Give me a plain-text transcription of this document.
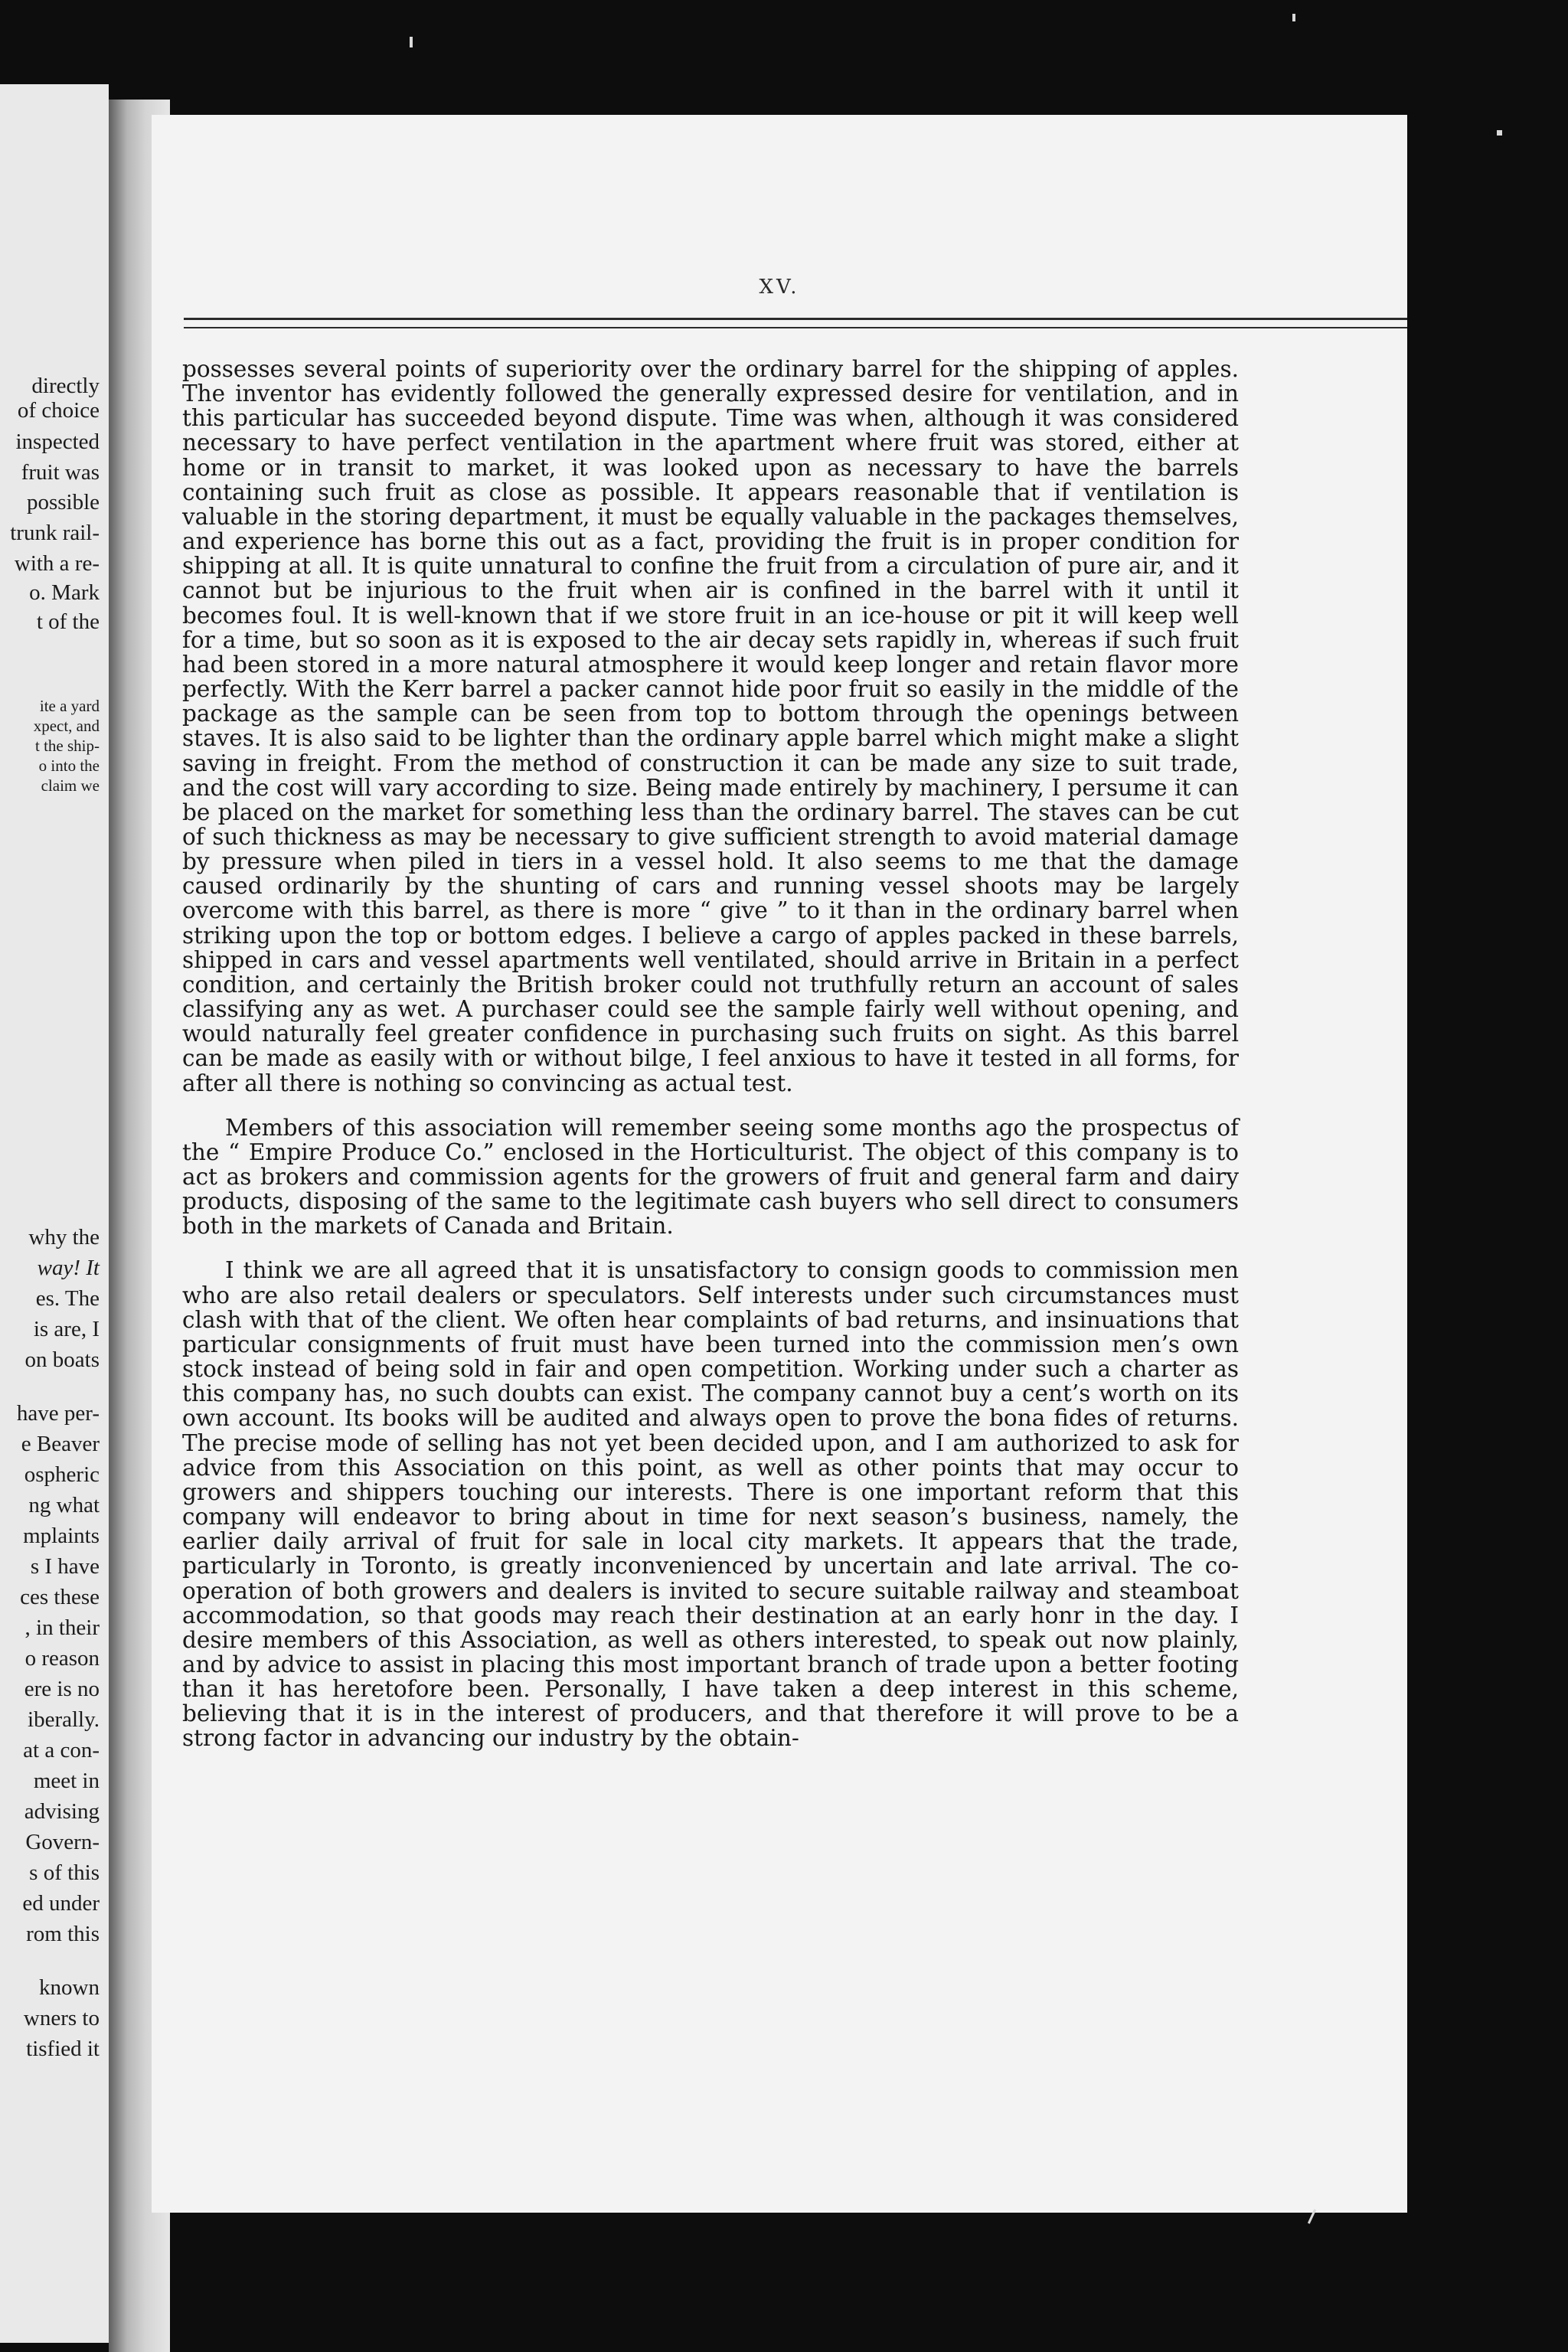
directly
of choice
inspected
fruit was
possible
trunk rail-
with a re-
o. Mark
t of the
ite a yard
xpect, and
t the ship-
o into the
claim we
why the
way! It
es. The
is are, I
on boats
have per-
e Beaver
ospheric
ng what
mplaints
s I have
ces these
, in their
o reason
ere is no
iberally.
at a con-
meet in
advising
Govern-
s of this
ed under
rom this
known
wners to
tisfied it
XV.

possesses several points of superiority over the ordinary barrel for the shipping of apples. The inventor has evidently followed the generally expressed desire for ventilation, and in this particular has succeeded beyond dispute. Time was when, although it was considered necessary to have perfect ventilation in the apartment where fruit was stored, either at home or in transit to market, it was looked upon as necessary to have the barrels containing such fruit as close as possible. It appears reasonable that if ventilation is valuable in the storing department, it must be equally valuable in the packages themselves, and experience has borne this out as a fact, providing the fruit is in proper condition for shipping at all. It is quite unnatural to confine the fruit from a circulation of pure air, and it cannot but be injurious to the fruit when air is confined in the barrel with it until it becomes foul. It is well-known that if we store fruit in an ice-house or pit it will keep well for a time, but so soon as it is exposed to the air decay sets rapidly in, whereas if such fruit had been stored in a more natural atmosphere it would keep longer and retain flavor more perfectly. With the Kerr barrel a packer cannot hide poor fruit so easily in the middle of the package as the sample can be seen from top to bottom through the openings between staves. It is also said to be lighter than the ordinary apple barrel which might make a slight saving in freight. From the method of construction it can be made any size to suit trade, and the cost will vary according to size. Being made entirely by machinery, I persume it can be placed on the market for something less than the ordinary barrel. The staves can be cut of such thickness as may be necessary to give sufficient strength to avoid material damage by pressure when piled in tiers in a vessel hold. It also seems to me that the damage caused ordinarily by the shunting of cars and running vessel shoots may be largely overcome with this barrel, as there is more “ give ” to it than in the ordinary barrel when striking upon the top or bottom edges. I believe a cargo of apples packed in these barrels, shipped in cars and vessel apartments well ventilated, should arrive in Britain in a perfect condition, and certainly the British broker could not truthfully return an account of sales classifying any as wet. A purchaser could see the sample fairly well without opening, and would naturally feel greater confidence in purchasing such fruits on sight. As this barrel can be made as easily with or without bilge, I feel anxious to have it tested in all forms, for after all there is nothing so convincing as actual test.

Members of this association will remember seeing some months ago the prospectus of the “ Empire Produce Co.” enclosed in the Horticulturist. The object of this company is to act as brokers and commission agents for the growers of fruit and general farm and dairy products, disposing of the same to the legitimate cash buyers who sell direct to consumers both in the markets of Canada and Britain.

I think we are all agreed that it is unsatisfactory to consign goods to commission men who are also retail dealers or speculators. Self interests under such circumstances must clash with that of the client. We often hear complaints of bad returns, and insinuations that particular consignments of fruit must have been turned into the commission men’s own stock instead of being sold in fair and open competition. Working under such a charter as this company has, no such doubts can exist. The company cannot buy a cent’s worth on its own account. Its books will be audited and always open to prove the bona fides of returns. The precise mode of selling has not yet been decided upon, and I am authorized to ask for advice from this Association on this point, as well as other points that may occur to growers and shippers touching our interests. There is one important reform that this company will endeavor to bring about in time for next season’s business, namely, the earlier daily arrival of fruit for sale in local city markets. It appears that the trade, particularly in Toronto, is greatly inconvenienced by uncertain and late arrival. The co-operation of both growers and dealers is invited to secure suitable railway and steamboat accommodation, so that goods may reach their destination at an early honr in the day. I desire members of this Association, as well as others interested, to speak out now plainly, and by advice to assist in placing this most important branch of trade upon a better footing than it has heretofore been. Personally, I have taken a deep interest in this scheme, believing that it is in the interest of producers, and that therefore it will prove to be a strong factor in advancing our industry by the obtain-
